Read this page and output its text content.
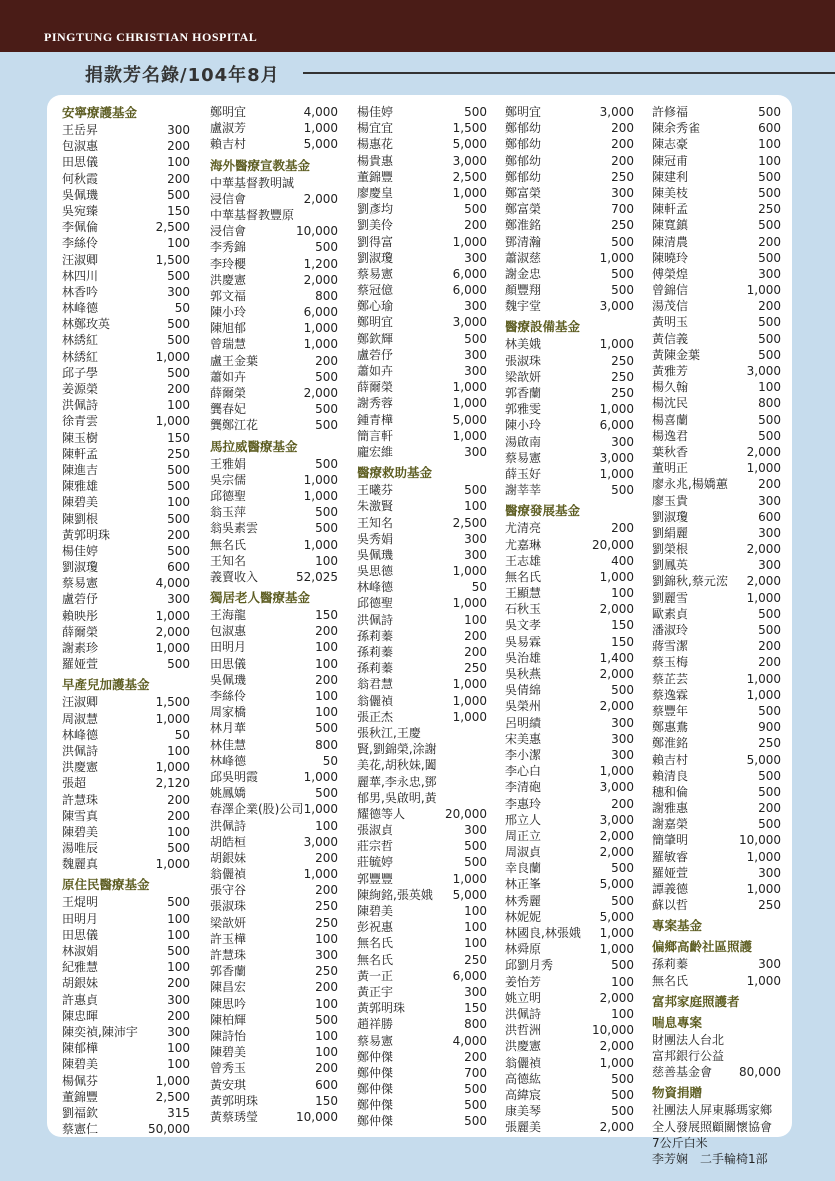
PINGTUNG CHRISTIAN HOSPITAL
捐款芳名錄/104年8月
安寧療護基金
王岳昇	300
包淑惠	200
田思儀	100
何秋霞	200
吳佩璣	500
吳宛臻	150
李佩倫	2,500
李絲伶	100
汪淑卿	1,500
林四川	500
林香吟	300
林峰德	50
林鄭玫英	500
林綉紅	500
林綉紅	1,000
邱子學	500
姜源榮	200
洪佩詩	100
徐青雲	1,000
陳玉樹	150
陳軒孟	250
陳進吉	500
陳雅雄	500
陳碧美	100
陳劉根	500
黃郭明珠	200
楊佳婷	500
劉淑瓊	600
蔡易憲	4,000
盧菪伃	300
賴映彤	1,000
薛爾榮	2,000
謝素珍	1,000
羅娅萱	500
早產兒加護基金
汪淑卿	1,500
周淑慧	1,000
林峰德	50
洪佩詩	100
洪慶憲	1,000
張超	2,120
許慧珠	200
陳雪真	200
陳碧美	100
湯唯辰	500
魏麗真	1,000
原住民醫療基金
王焜明	500
田明月	100
田思儀	100
林淑娟	500
紀雅慧	100
胡銀妹	200
許惠貞	300
陳忠暉	200
陳奕禎,陳沛宇 300
陳郁樺	100
陳碧美	100
楊佩芬	1,000
董錦豐	2,500
劉福欽	315
蔡憲仁	50,000
鄭明宜	4,000
盧淑芳	1,000
賴吉村	5,000
海外醫療宣教基金
中華基督教明誠
浸信會	2,000
中華基督教豐原
浸信會	10,000
李秀錦	500
李玲櫻	1,200
洪慶憲	2,000
郭文福	800
陳小玲	6,000
陳旭郁	1,000
曾瑞慧	1,000
盧王金葉	200
蕭如卉	500
薛爾榮	2,000
龔春妃	500
龔鄭江花	500
馬拉威醫療基金
王雅娟	500
吳宗儒	1,000
邱德聖	1,000
翁玉萍	500
翁吳素雲	500
無名氏	1,000
王知名	100
義賣收入	52,025
獨居老人醫療基金
王海龍	150
包淑惠	200
田明月	100
田思儀	100
吳佩璣	200
李絲伶	100
周家橋	100
林月華	500
林佳慧	800
林峰德	50
邱吳明霞	1,000
姚鳳嬌	500
春澤企業(股)公司 1,000
洪佩詩	100
胡皓桓	3,000
胡銀妹	200
翁儷禎	1,000
張守谷	200
張淑珠	250
梁歆妍	250
許玉樺	100
許慧珠	300
郭香蘭	250
陳昌宏	200
陳思吟	100
陳柏輝	500
陳詩怡	100
陳碧美	100
曾秀玉	200
黃安琪	600
黃郭明珠	150
黃蔡琇瑩	10,000
楊佳婷	500
楊宜宜	1,500
楊惠花	5,000
楊貴惠	3,000
董錦豐	2,500
廖慶皇	1,000
劉彥均	500
劉美伶	200
劉得富	1,000
劉淑瓊	300
蔡易憲	6,000
蔡冠億	6,000
鄭心瑜	300
鄭明宜	3,000
鄭欽輝	500
盧菪伃	300
蕭如卉	300
薛爾榮	1,000
謝秀蓉	1,000
鍾青樺	5,000
簡言軒	1,000
龐宏維	300
醫療救助基金
王曦芬	500
朱激賢	100
王知名	2,500
吳秀娟	300
吳佩璣	300
吳思德	1,000
林峰德	50
邱德聖	1,000
洪佩詩	100
孫莉蓁	200
孫莉蓁	200
孫莉蓁	250
翁君慧	1,000
翁儷禎	1,000
張正杰	1,000
張秋江,王慶
賢,劉錦榮,涂謝
美花,胡秋妹,闔
麗華,李永忠,鄧
郁男,吳啟明,黃
耀德等人	20,000
張淑貞	300
莊宗哲	500
莊毓婷	500
郭豐豐	1,000
陳絢銘,張英娥 5,000
陳碧美	100
彭祝惠	100
無名氏	100
無名氏	250
黃一正	6,000
黃正宇	300
黃郭明珠	150
趙祥勝	800
蔡易憲	4,000
鄭仲傑	200
鄭仲傑	700
鄭仲傑	500
鄭仲傑	500
鄭仲傑	500
鄭明宜	3,000
鄭郁幼	200
鄭郁幼	200
鄭郁幼	200
鄭郁幼	250
鄭富榮	300
鄭富榮	700
鄭淮銘	250
鄧清瀚	500
蕭淑慈	1,000
謝金忠	500
顏豐翔	500
魏宇堂	3,000
醫療設備基金
林美娥	1,000
張淑珠	250
梁歆妍	250
郭香蘭	250
郭雅雯	1,000
陳小玲	6,000
湯啟南	300
蔡易憲	3,000
薛玉好	1,000
謝莘莘	500
醫療發展基金
尤清亮	200
尤嘉琳	20,000
王志雄	400
無名氏	1,000
王顯慧	100
石秋玉	2,000
吳文孝	150
吳易霖	150
吳治雄	1,400
吳秋燕	2,000
吳倩綿	500
吳榮州	2,000
呂明績	300
宋美惠	300
李小潔	300
李心白	1,000
李清砲	3,000
李惠玲	200
邢立人	3,000
周正立	2,000
周淑貞	2,000
幸良蘭	500
林正峯	5,000
林秀麗	500
林妮妮	5,000
林國良,林張娥 1,000
林舜原	1,000
邱劉月秀	500
姜怡芳	100
姚立明	2,000
洪佩詩	100
洪哲洲	10,000
洪慶憲	2,000
翁儷禎	1,000
高德紘	500
高緯宸	500
康美琴	500
張麗美	2,000
許修福	500
陳余秀雀	600
陳志豪	100
陳冠甫	100
陳建利	500
陳美枝	500
陳軒孟	250
陳寬鎮	500
陳清農	200
陳曉玲	500
傅榮煌	300
曾錦信	1,000
湯茂信	200
黃明玉	500
黃信義	500
黃陳金葉	500
黃雅芳	3,000
楊久翰	100
楊沈民	800
楊喜蘭	500
楊逸君	500
葉秋香	2,000
董明正	1,000
廖永兆,楊嬌蕙	200
廖玉貴	300
劉淑瓊	600
劉絹麗	300
劉榮根	2,000
劉鳳英	300
劉錦秋,蔡元浤 2,000
劉麗雪	1,000
歐素貞	500
潘淑玲	500
蔣雪潔	200
蔡玉梅	200
蔡芷芸	1,000
蔡逸霖	1,000
蔡豐年	500
鄭惠鴦	900
鄭淮銘	250
賴吉村	5,000
賴清良	500
穗和倫	500
謝雅惠	200
謝嘉榮	500
簡肇明	10,000
羅敏睿	1,000
羅娅萱	300
譚義德	1,000
蘇以哲	250
專案基金
偏鄉高齡社區照護
孫莉蓁	300
無名氏	1,000
富邦家庭照護者
喘息專案
財團法人台北
富邦銀行公益
慈善基金會 80,000
物資捐贈
社團法人屏東縣瑪家鄉
全人發展照顧關懷協會
7公斤白米
李芳娴　二手輪椅1部
